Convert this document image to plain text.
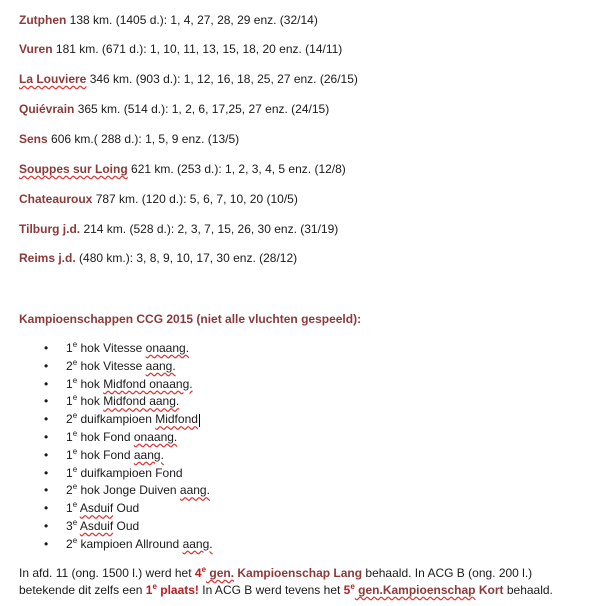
Zutphen 138 km. (1405 d.): 1, 4, 27, 28, 29 enz. (32/14)
Vuren 181 km. (671 d.): 1, 10, 11, 13, 15, 18, 20 enz. (14/11)
La Louviere 346 km. (903 d.): 1, 12, 16, 18, 25, 27 enz. (26/15)
Quiévrain 365 km. (514 d.): 1, 2, 6, 17,25, 27 enz. (24/15)
Sens 606 km.( 288 d.): 1, 5, 9 enz. (13/5)
Souppes sur Loing 621 km. (253 d.): 1, 2, 3, 4, 5 enz. (12/8)
Chateauroux 787 km. (120 d.): 5, 6, 7, 10, 20 (10/5)
Tilburg j.d. 214 km. (528 d.): 2, 3, 7, 15, 26, 30 enz. (31/19)
Reims j.d. (480 km.): 3, 8, 9, 10, 17, 30 enz. (28/12)
Kampioenschappen CCG 2015 (niet alle vluchten gespeeld):
• 1e hok Vitesse onaang.
• 2e hok Vitesse aang.
• 1e hok Midfond onaang.
• 1e hok Midfond aang.
• 2e duifkampioen Midfond
• 1e hok Fond onaang.
• 1e hok Fond aang.
• 1e duifkampioen Fond
• 2e hok Jonge Duiven aang.
• 1e Asduif Oud
• 3e Asduif Oud
• 2e kampioen Allround aang.
In afd. 11 (ong. 1500 l.) werd het 4e gen. Kampioenschap Lang behaald. In ACG B (ong. 200 l.) betekende dit zelfs een 1e plaats! In ACG B werd tevens het 5e gen.Kampioenschap Kort behaald.
